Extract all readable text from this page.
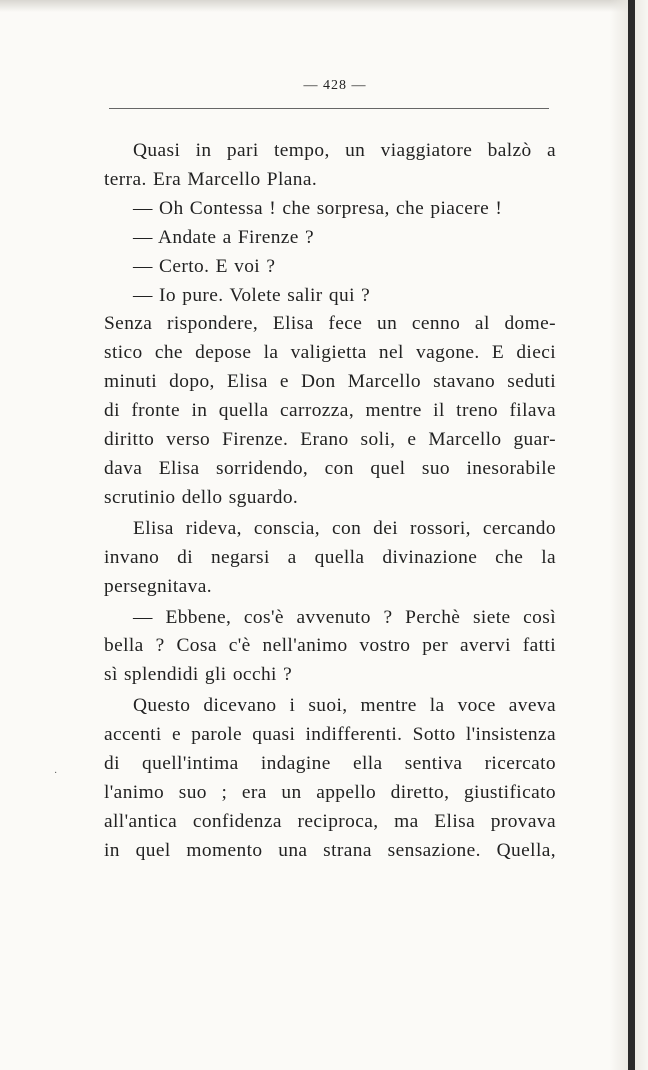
— 428 —
Quasi in pari tempo, un viaggiatore balzò a
terra. Era Marcello Plana.
— Oh Contessa ! che sorpresa, che piacere !
— Andate a Firenze ?
— Certo. E voi ?
— Io pure. Volete salir qui ?
Senza rispondere, Elisa fece un cenno al dome-
stico che depose la valigietta nel vagone. E dieci
minuti dopo, Elisa e Don Marcello stavano seduti
di fronte in quella carrozza, mentre il treno filava
diritto verso Firenze. Erano soli, e Marcello guar-
dava Elisa sorridendo, con quel suo inesorabile
scrutinio dello sguardo.
Elisa rideva, conscia, con dei rossori, cercando
invano di negarsi a quella divinazione che la
persegnitava.
— Ebbene, cos'è avvenuto ? Perchè siete così
bella ? Cosa c'è nell'animo vostro per avervi fatti
sì splendidi gli occhi ?
Questo dicevano i suoi, mentre la voce aveva
accenti e parole quasi indifferenti. Sotto l'insistenza
di quell'intima indagine ella sentiva ricercato
l'animo suo ; era un appello diretto, giustificato
all'antica confidenza reciproca, ma Elisa provava
in quel momento una strana sensazione. Quella,
·
